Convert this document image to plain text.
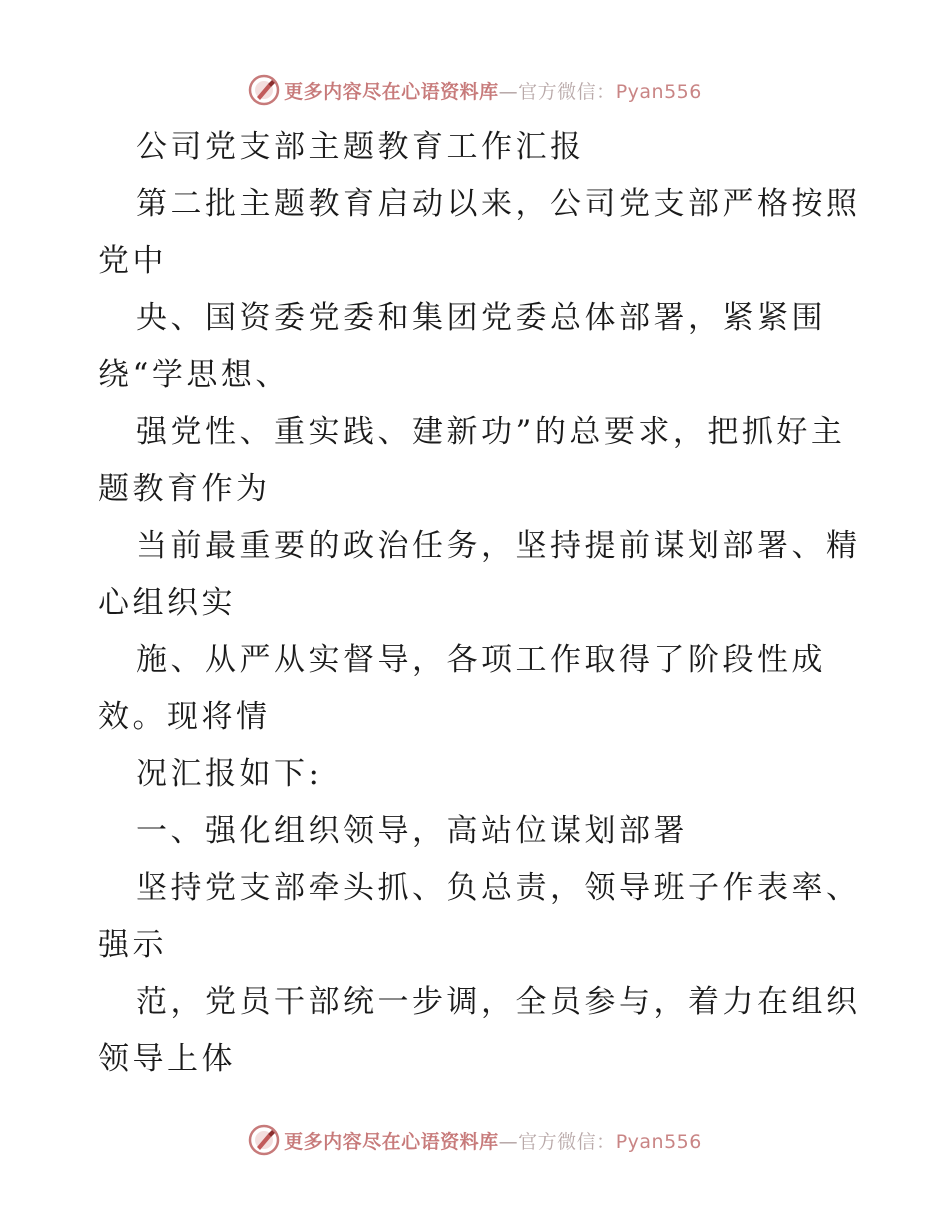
更多内容尽在心语资料库—官方微信：Pyan556
公司党支部主题教育工作汇报
第二批主题教育启动以来，公司党支部严格按照
党中
央、国资委党委和集团党委总体部署，紧紧围
绕“学思想、
强党性、重实践、建新功”的总要求，把抓好主
题教育作为
当前最重要的政治任务，坚持提前谋划部署、精
心组织实
施、从严从实督导，各项工作取得了阶段性成
效。现将情
况汇报如下:
一、强化组织领导，高站位谋划部署
坚持党支部牵头抓、负总责，领导班子作表率、
强示
范，党员干部统一步调，全员参与，着力在组织
领导上体
更多内容尽在心语资料库—官方微信：Pyan556
